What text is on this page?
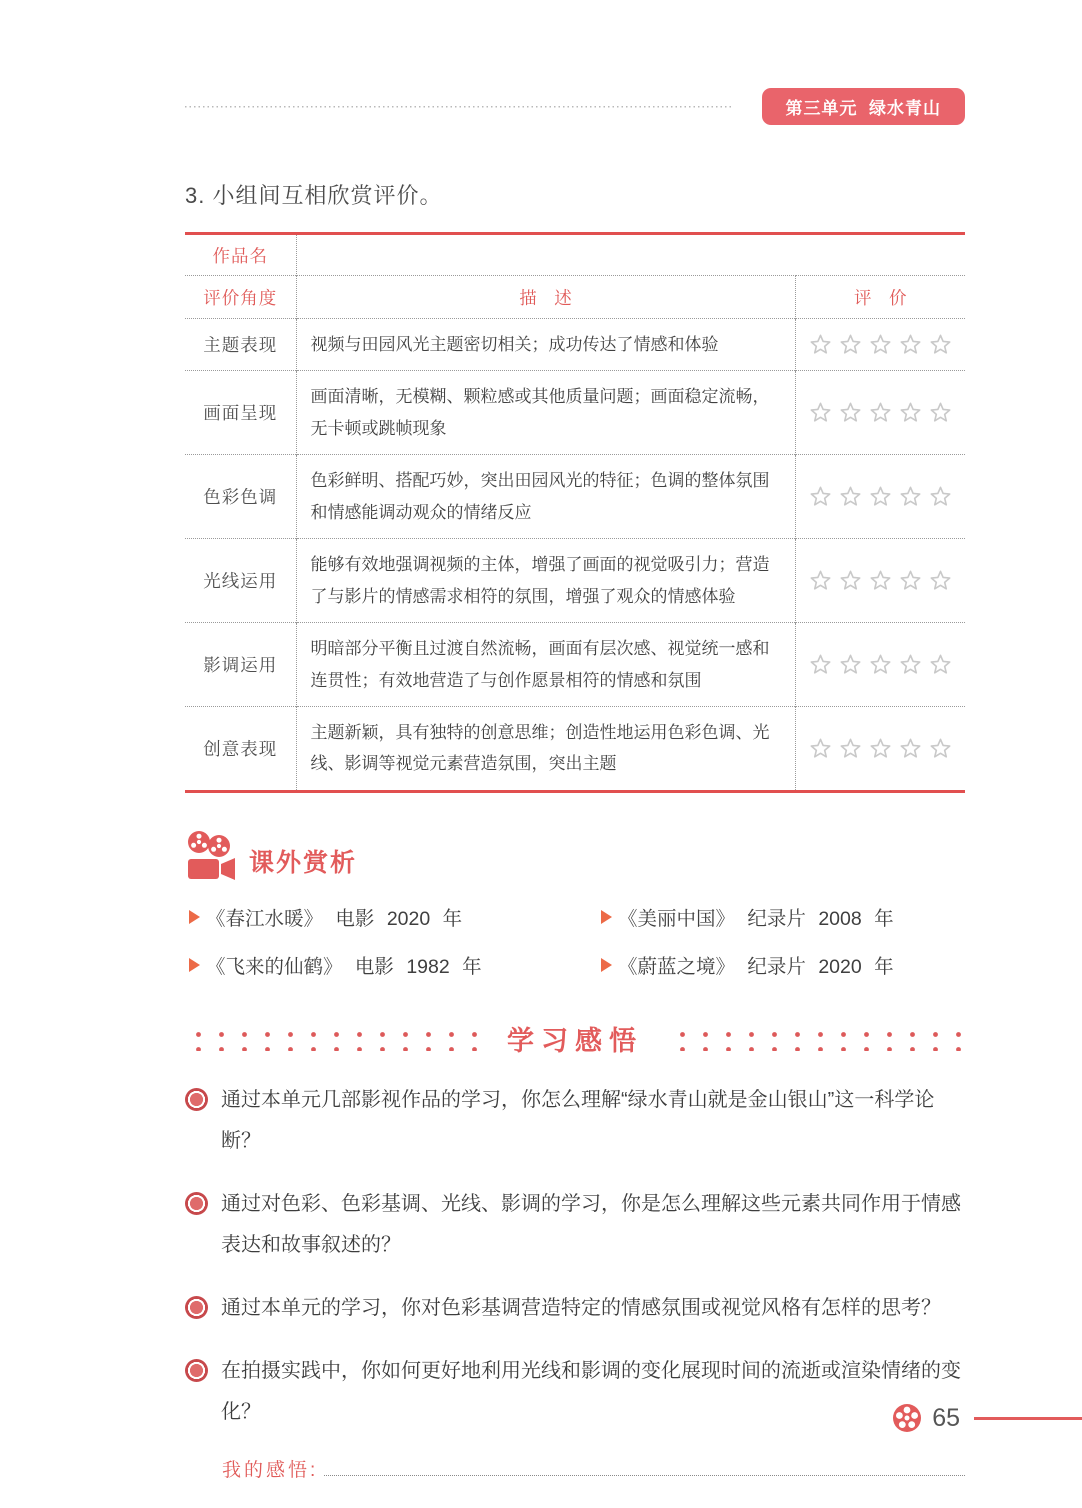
第三单元  绿水青山
3. 小组间互相欣赏评价。
作品名		
评价角度	描　述	评　价
主题表现	视频与田园风光主题密切相关；成功传达了情感和体验	
画面呈现	画面清晰，无模糊、颗粒感或其他质量问题；画面稳定流畅，无卡顿或跳帧现象	
色彩色调	色彩鲜明、搭配巧妙，突出田园风光的特征；色调的整体氛围和情感能调动观众的情绪反应	
光线运用	能够有效地强调视频的主体，增强了画面的视觉吸引力；营造了与影片的情感需求相符的氛围，增强了观众的情感体验	
影调运用	明暗部分平衡且过渡自然流畅，画面有层次感、视觉统一感和连贯性；有效地营造了与创作愿景相符的情感和氛围	
创意表现	主题新颖，具有独特的创意思维；创造性地运用色彩色调、光线、影调等视觉元素营造氛围，突出主题	
课外赏析
《春江水暖》 电影 2020 年	《美丽中国》 纪录片 2008 年
《飞来的仙鹤》 电影 1982 年	《蔚蓝之境》 纪录片 2020 年
学习感悟
通过本单元几部影视作品的学习，你怎么理解“绿水青山就是金山银山”这一科学论断？
通过对色彩、色彩基调、光线、影调的学习，你是怎么理解这些元素共同作用于情感表达和故事叙述的？
通过本单元的学习，你对色彩基调营造特定的情感氛围或视觉风格有怎样的思考？
在拍摄实践中，你如何更好地利用光线和影调的变化展现时间的流逝或渲染情绪的变化？
我的感悟:
65
